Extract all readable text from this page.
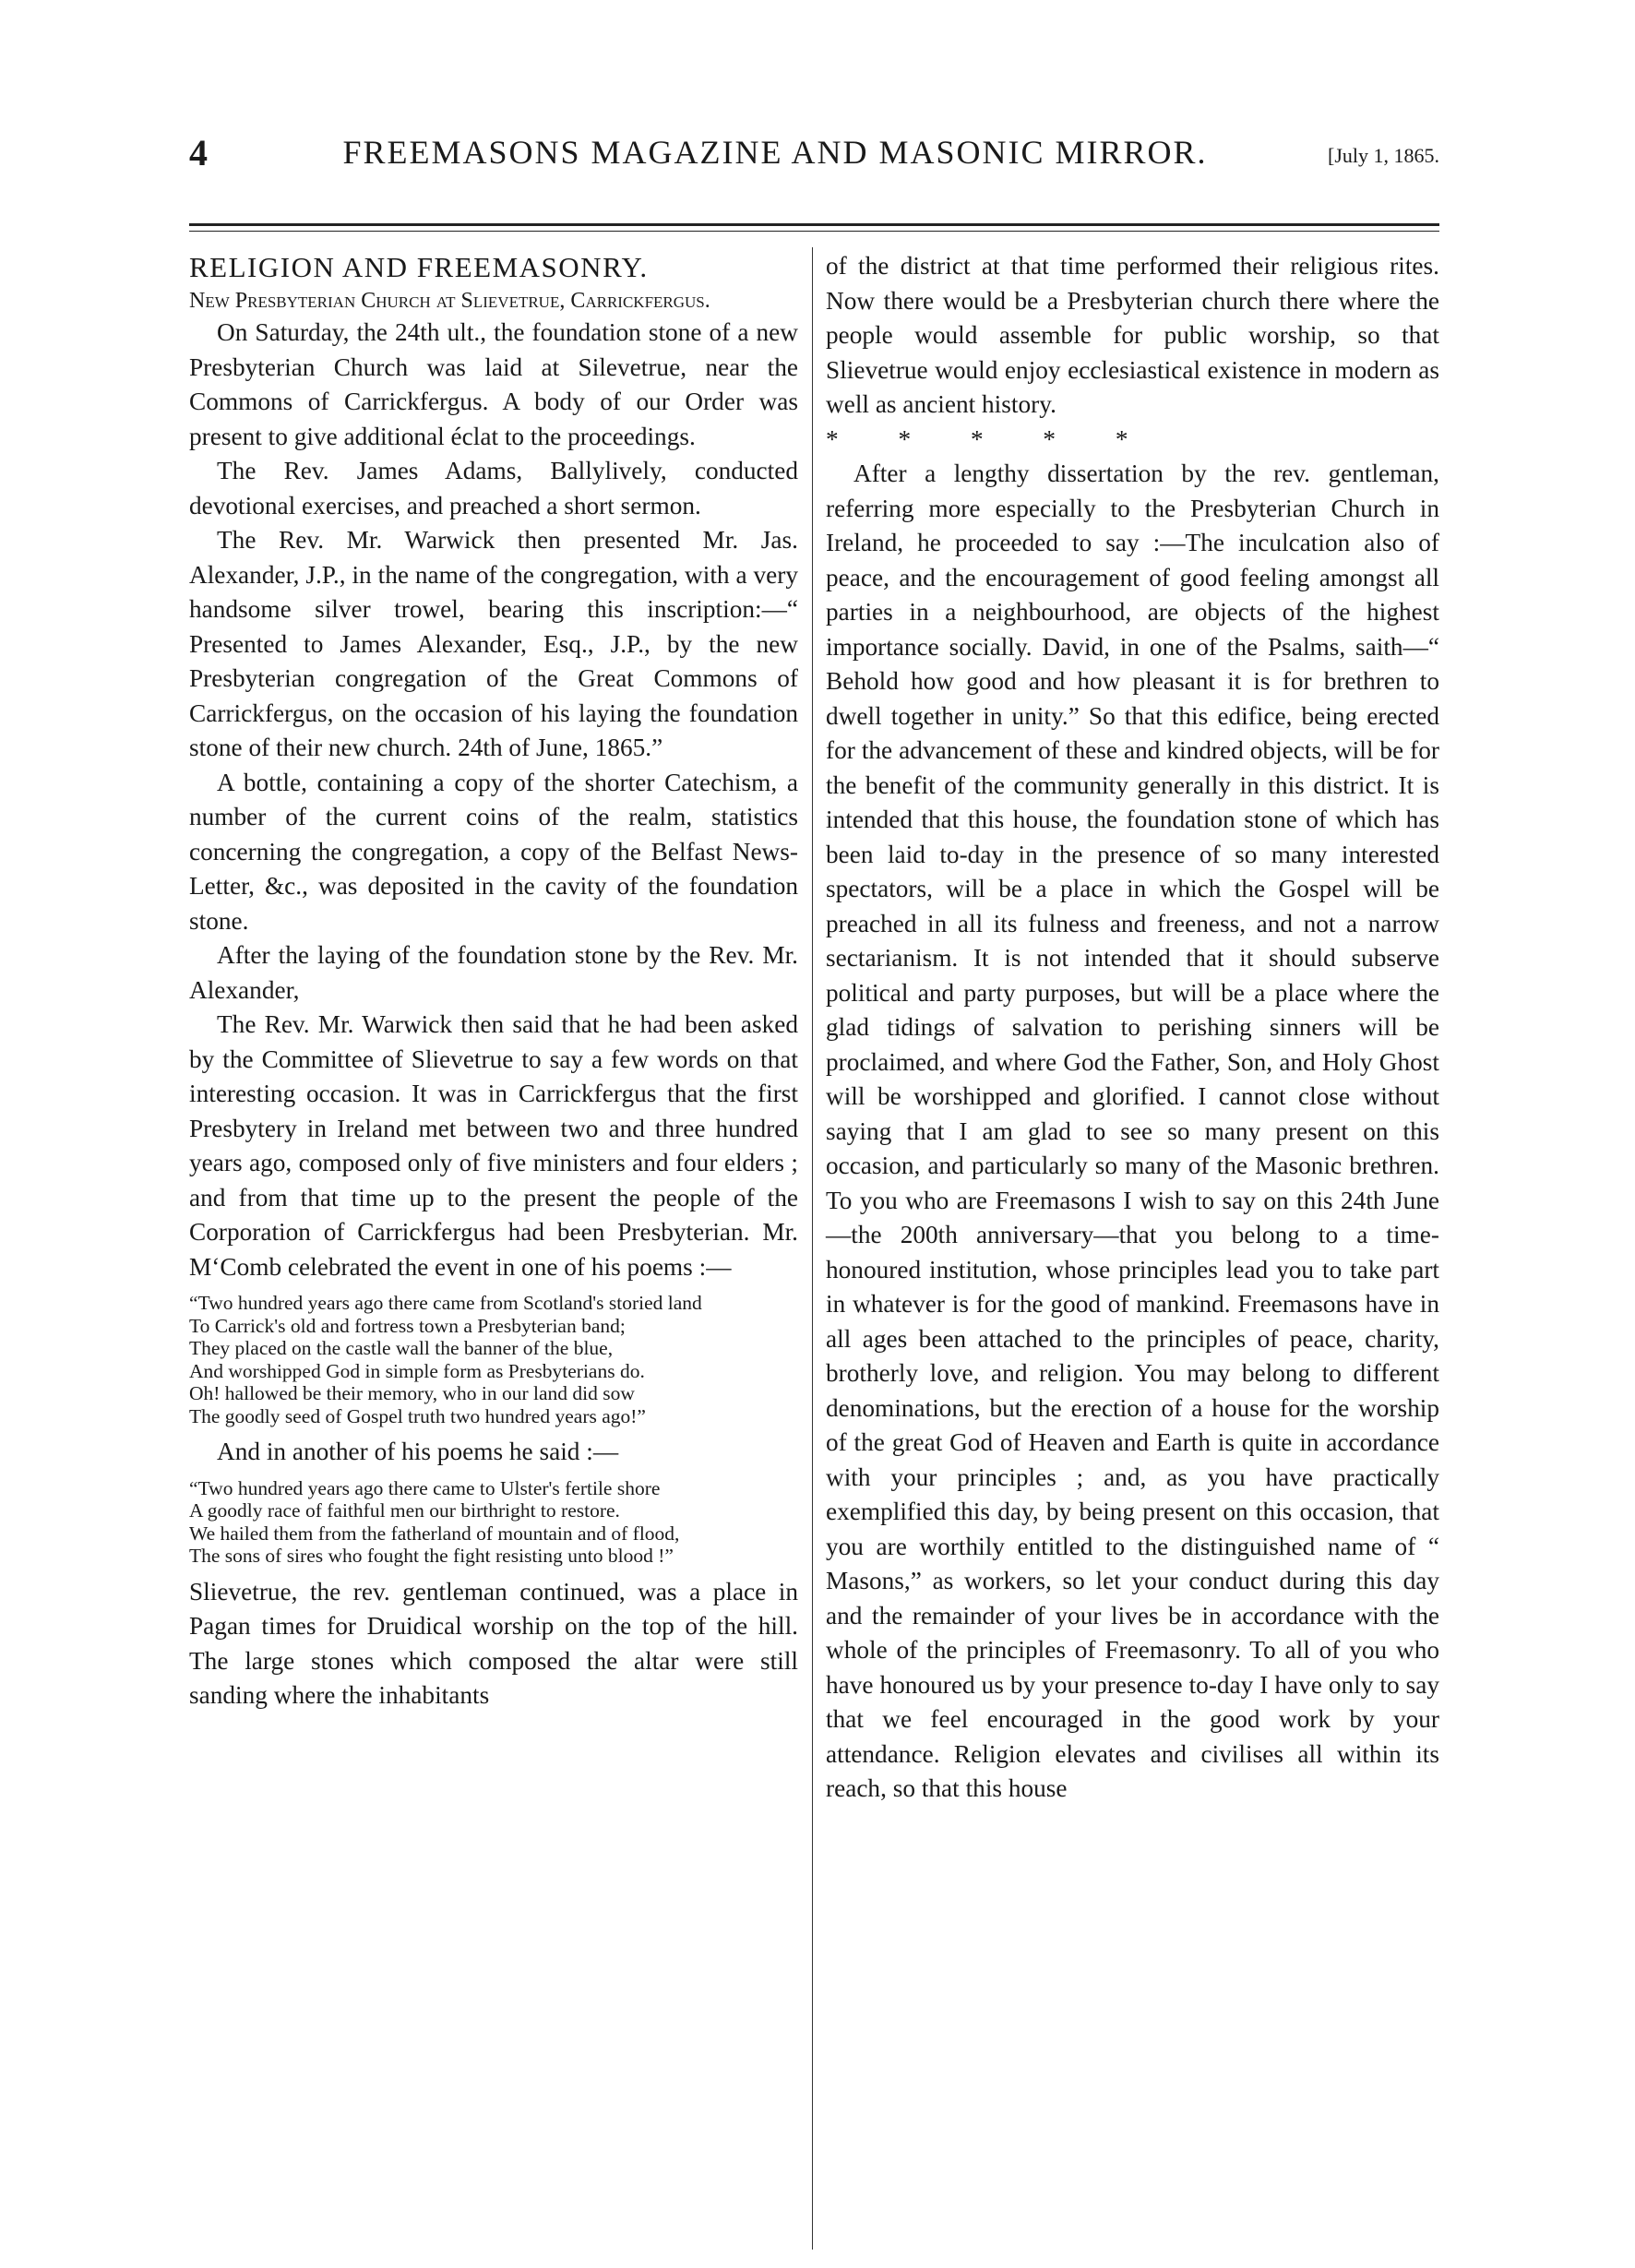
4	FREEMASONS MAGAZINE AND MASONIC MIRROR.	[July 1, 1865.

RELIGION AND FREEMASONRY.

New Presbyterian Church at Slievetrue, Carrickfergus.

On Saturday, the 24th ult., the foundation stone of a new Presbyterian Church was laid at Silevetrue, near the Commons of Carrickfergus. A body of our Order was present to give additional éclat to the proceedings.

The Rev. James Adams, Ballylively, conducted devotional exercises, and preached a short sermon.

The Rev. Mr. Warwick then presented Mr. Jas. Alexander, J.P., in the name of the congregation, with a very handsome silver trowel, bearing this inscription:—“ Presented to James Alexander, Esq., J.P., by the new Presbyterian congregation of the Great Commons of Carrickfergus, on the occasion of his laying the foundation stone of their new church. 24th of June, 1865.”

A bottle, containing a copy of the shorter Catechism, a number of the current coins of the realm, statistics concerning the congregation, a copy of the Belfast News-Letter, &c., was deposited in the cavity of the foundation stone.

After the laying of the foundation stone by the Rev. Mr. Alexander,

The Rev. Mr. Warwick then said that he had been asked by the Committee of Slievetrue to say a few words on that interesting occasion. It was in Carrickfergus that the first Presbytery in Ireland met between two and three hundred years ago, composed only of five ministers and four elders ; and from that time up to the present the people of the Corporation of Carrickfergus had been Presbyterian. Mr. M‘Comb celebrated the event in one of his poems :—

“Two hundred years ago there came from Scotland's storied land

To Carrick's old and fortress town a Presbyterian band;

They placed on the castle wall the banner of the blue,

And worshipped God in simple form as Presbyterians do.

Oh! hallowed be their memory, who in our land did sow

The goodly seed of Gospel truth two hundred years ago!”

And in another of his poems he said :—

“Two hundred years ago there came to Ulster's fertile shore

A goodly race of faithful men our birthright to restore.

We hailed them from the fatherland of mountain and of flood,

The sons of sires who fought the fight resisting unto blood !”

Slievetrue, the rev. gentleman continued, was a place in Pagan times for Druidical worship on the top of the hill. The large stones which composed the altar were still sanding where the inhabitants

of the district at that time performed their religious rites. Now there would be a Presbyterian church there where the people would assemble for public worship, so that Slievetrue would enjoy ecclesiastical existence in modern as well as ancient history.

* * * * *

After a lengthy dissertation by the rev. gentleman, referring more especially to the Presbyterian Church in Ireland, he proceeded to say :—The inculcation also of peace, and the encouragement of good feeling amongst all parties in a neighbourhood, are objects of the highest importance socially. David, in one of the Psalms, saith—“ Behold how good and how pleasant it is for brethren to dwell together in unity.” So that this edifice, being erected for the advancement of these and kindred objects, will be for the benefit of the community generally in this district. It is intended that this house, the foundation stone of which has been laid to-day in the presence of so many interested spectators, will be a place in which the Gospel will be preached in all its fulness and freeness, and not a narrow sectarianism. It is not intended that it should subserve political and party purposes, but will be a place where the glad tidings of salvation to perishing sinners will be proclaimed, and where God the Father, Son, and Holy Ghost will be worshipped and glorified. I cannot close without saying that I am glad to see so many present on this occasion, and particularly so many of the Masonic brethren. To you who are Freemasons I wish to say on this 24th June—the 200th anniversary—that you belong to a time-honoured institution, whose principles lead you to take part in whatever is for the good of mankind. Freemasons have in all ages been attached to the principles of peace, charity, brotherly love, and religion. You may belong to different denominations, but the erection of a house for the worship of the great God of Heaven and Earth is quite in accordance with your principles ; and, as you have practically exemplified this day, by being present on this occasion, that you are worthily entitled to the distinguished name of “ Masons,” as workers, so let your conduct during this day and the remainder of your lives be in accordance with the whole of the principles of Freemasonry. To all of you who have honoured us by your presence to-day I have only to say that we feel encouraged in the good work by your attendance. Religion elevates and civilises all within its reach, so that this house
